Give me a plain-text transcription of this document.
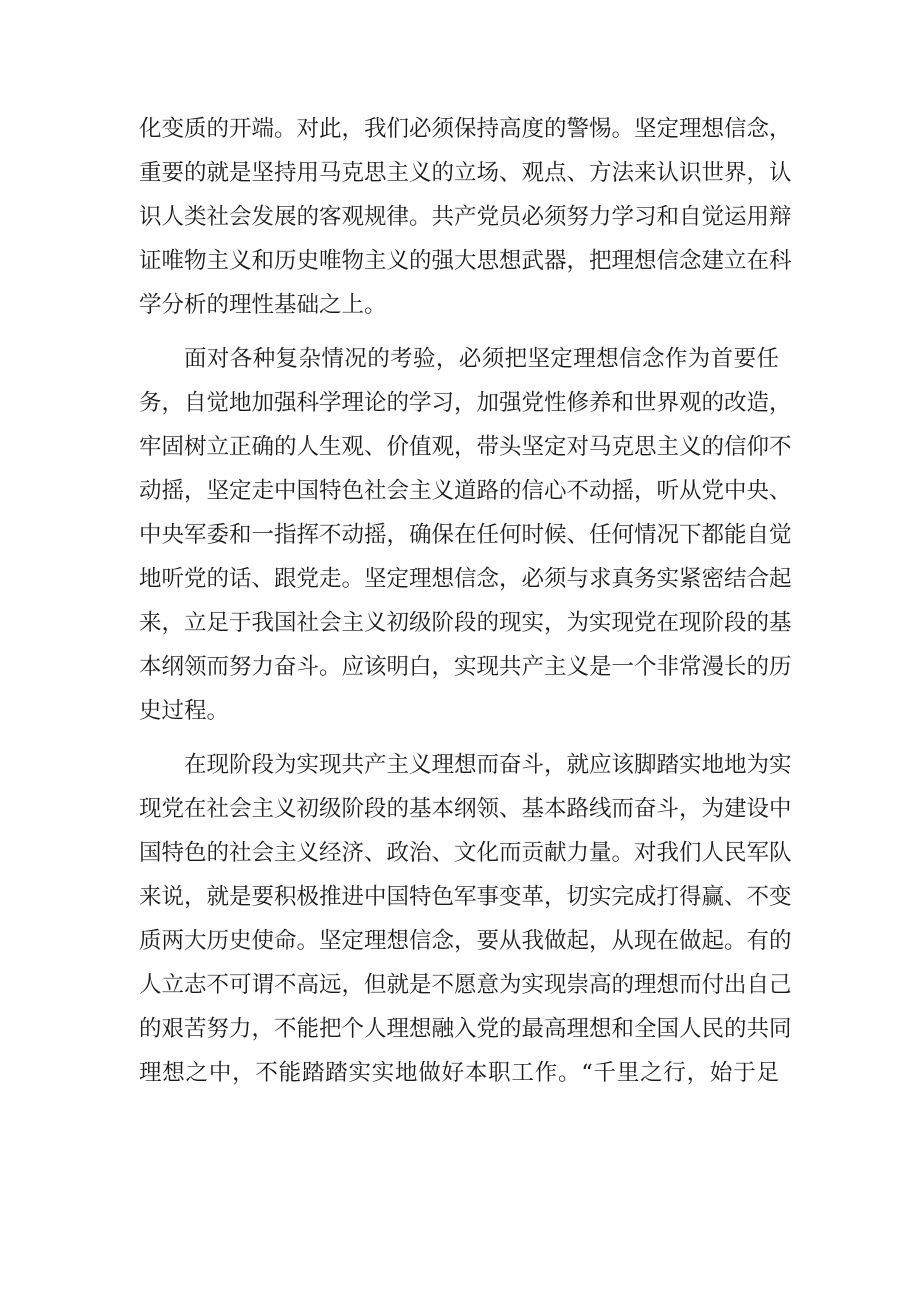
化变质的开端。对此，我们必须保持高度的警惕。坚定理想信念，
重要的就是坚持用马克思主义的立场、观点、方法来认识世界，认
识人类社会发展的客观规律。共产党员必须努力学习和自觉运用辩
证唯物主义和历史唯物主义的强大思想武器，把理想信念建立在科
学分析的理性基础之上。
面对各种复杂情况的考验，必须把坚定理想信念作为首要任
务，自觉地加强科学理论的学习，加强党性修养和世界观的改造，
牢固树立正确的人生观、价值观，带头坚定对马克思主义的信仰不
动摇，坚定走中国特色社会主义道路的信心不动摇，听从党中央、
中央军委和一指挥不动摇，确保在任何时候、任何情况下都能自觉
地听党的话、跟党走。坚定理想信念，必须与求真务实紧密结合起
来，立足于我国社会主义初级阶段的现实，为实现党在现阶段的基
本纲领而努力奋斗。应该明白，实现共产主义是一个非常漫长的历
史过程。
在现阶段为实现共产主义理想而奋斗，就应该脚踏实地地为实
现党在社会主义初级阶段的基本纲领、基本路线而奋斗，为建设中
国特色的社会主义经济、政治、文化而贡献力量。对我们人民军队
来说，就是要积极推进中国特色军事变革，切实完成打得赢、不变
质两大历史使命。坚定理想信念，要从我做起，从现在做起。有的
人立志不可谓不高远，但就是不愿意为实现崇高的理想而付出自己
的艰苦努力，不能把个人理想融入党的最高理想和全国人民的共同
理想之中，不能踏踏实实地做好本职工作。“千里之行，始于足
